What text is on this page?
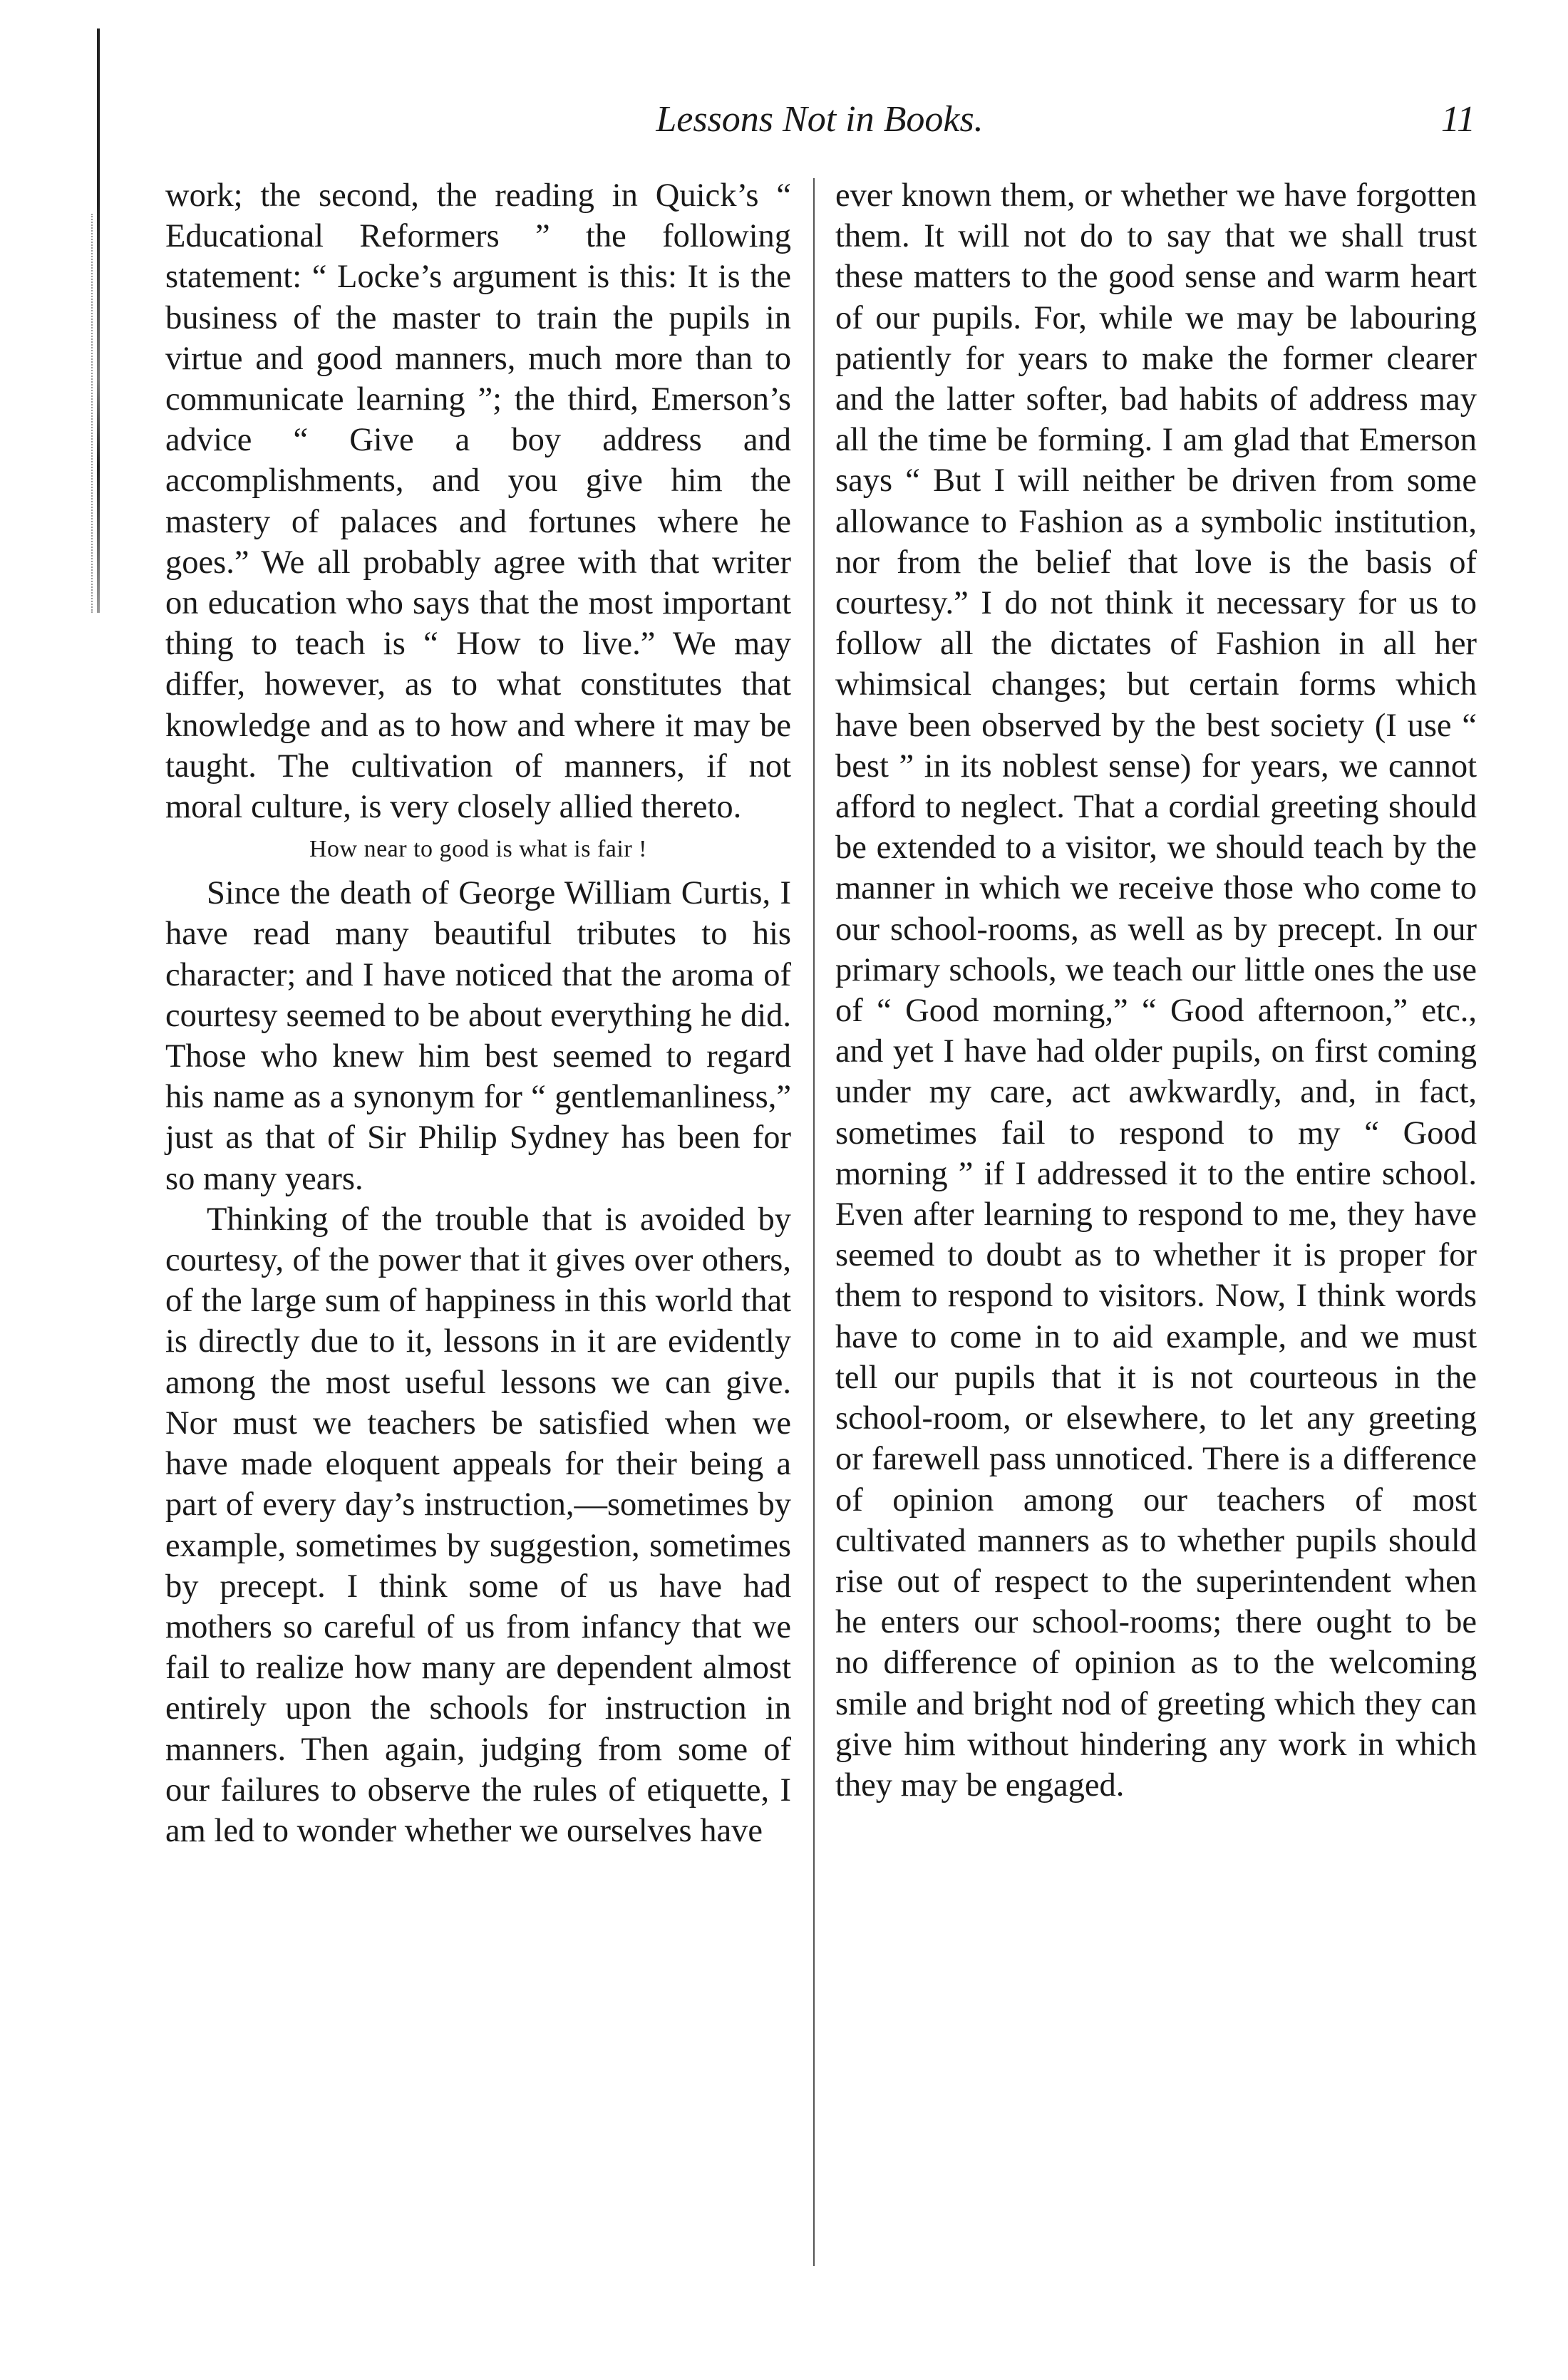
Lessons Not in Books.	11

work; the second, the reading in Quick’s “ Educational Reformers ” the following statement: “ Locke’s argument is this: It is the business of the master to train the pupils in virtue and good manners, much more than to communicate learning ”; the third, Emerson’s advice “ Give a boy address and accomplishments, and you give him the mastery of palaces and fortunes where he goes.” We all probably agree with that writer on education who says that the most important thing to teach is “ How to live.” We may differ, however, as to what constitutes that knowledge and as to how and where it may be taught. The cultivation of manners, if not moral culture, is very closely allied thereto.

How near to good is what is fair !

Since the death of George William Curtis, I have read many beautiful tributes to his character; and I have noticed that the aroma of courtesy seemed to be about everything he did. Those who knew him best seemed to regard his name as a synonym for “ gentlemanliness,” just as that of Sir Philip Sydney has been for so many years.

Thinking of the trouble that is avoided by courtesy, of the power that it gives over others, of the large sum of happiness in this world that is directly due to it, lessons in it are evidently among the most useful lessons we can give. Nor must we teachers be satisfied when we have made eloquent appeals for their being a part of every day’s instruction,—sometimes by example, sometimes by suggestion, sometimes by precept. I think some of us have had mothers so careful of us from infancy that we fail to realize how many are dependent almost entirely upon the schools for instruction in manners. Then again, judging from some of our failures to observe the rules of etiquette, I am led to wonder whether we ourselves have

ever known them, or whether we have forgotten them. It will not do to say that we shall trust these matters to the good sense and warm heart of our pupils. For, while we may be labouring patiently for years to make the former clearer and the latter softer, bad habits of address may all the time be forming. I am glad that Emerson says “ But I will neither be driven from some allowance to Fashion as a symbolic institution, nor from the belief that love is the basis of courtesy.” I do not think it necessary for us to follow all the dictates of Fashion in all her whimsical changes; but certain forms which have been observed by the best society (I use “ best ” in its noblest sense) for years, we cannot afford to neglect. That a cordial greeting should be extended to a visitor, we should teach by the manner in which we receive those who come to our school-rooms, as well as by precept. In our primary schools, we teach our little ones the use of “ Good morning,” “ Good afternoon,” etc., and yet I have had older pupils, on first coming under my care, act awkwardly, and, in fact, sometimes fail to respond to my “ Good morning ” if I addressed it to the entire school. Even after learning to respond to me, they have seemed to doubt as to whether it is proper for them to respond to visitors. Now, I think words have to come in to aid example, and we must tell our pupils that it is not courteous in the school-room, or elsewhere, to let any greeting or farewell pass unnoticed. There is a difference of opinion among our teachers of most cultivated manners as to whether pupils should rise out of respect to the superintendent when he enters our school-rooms; there ought to be no difference of opinion as to the welcoming smile and bright nod of greeting which they can give him without hindering any work in which they may be engaged.
